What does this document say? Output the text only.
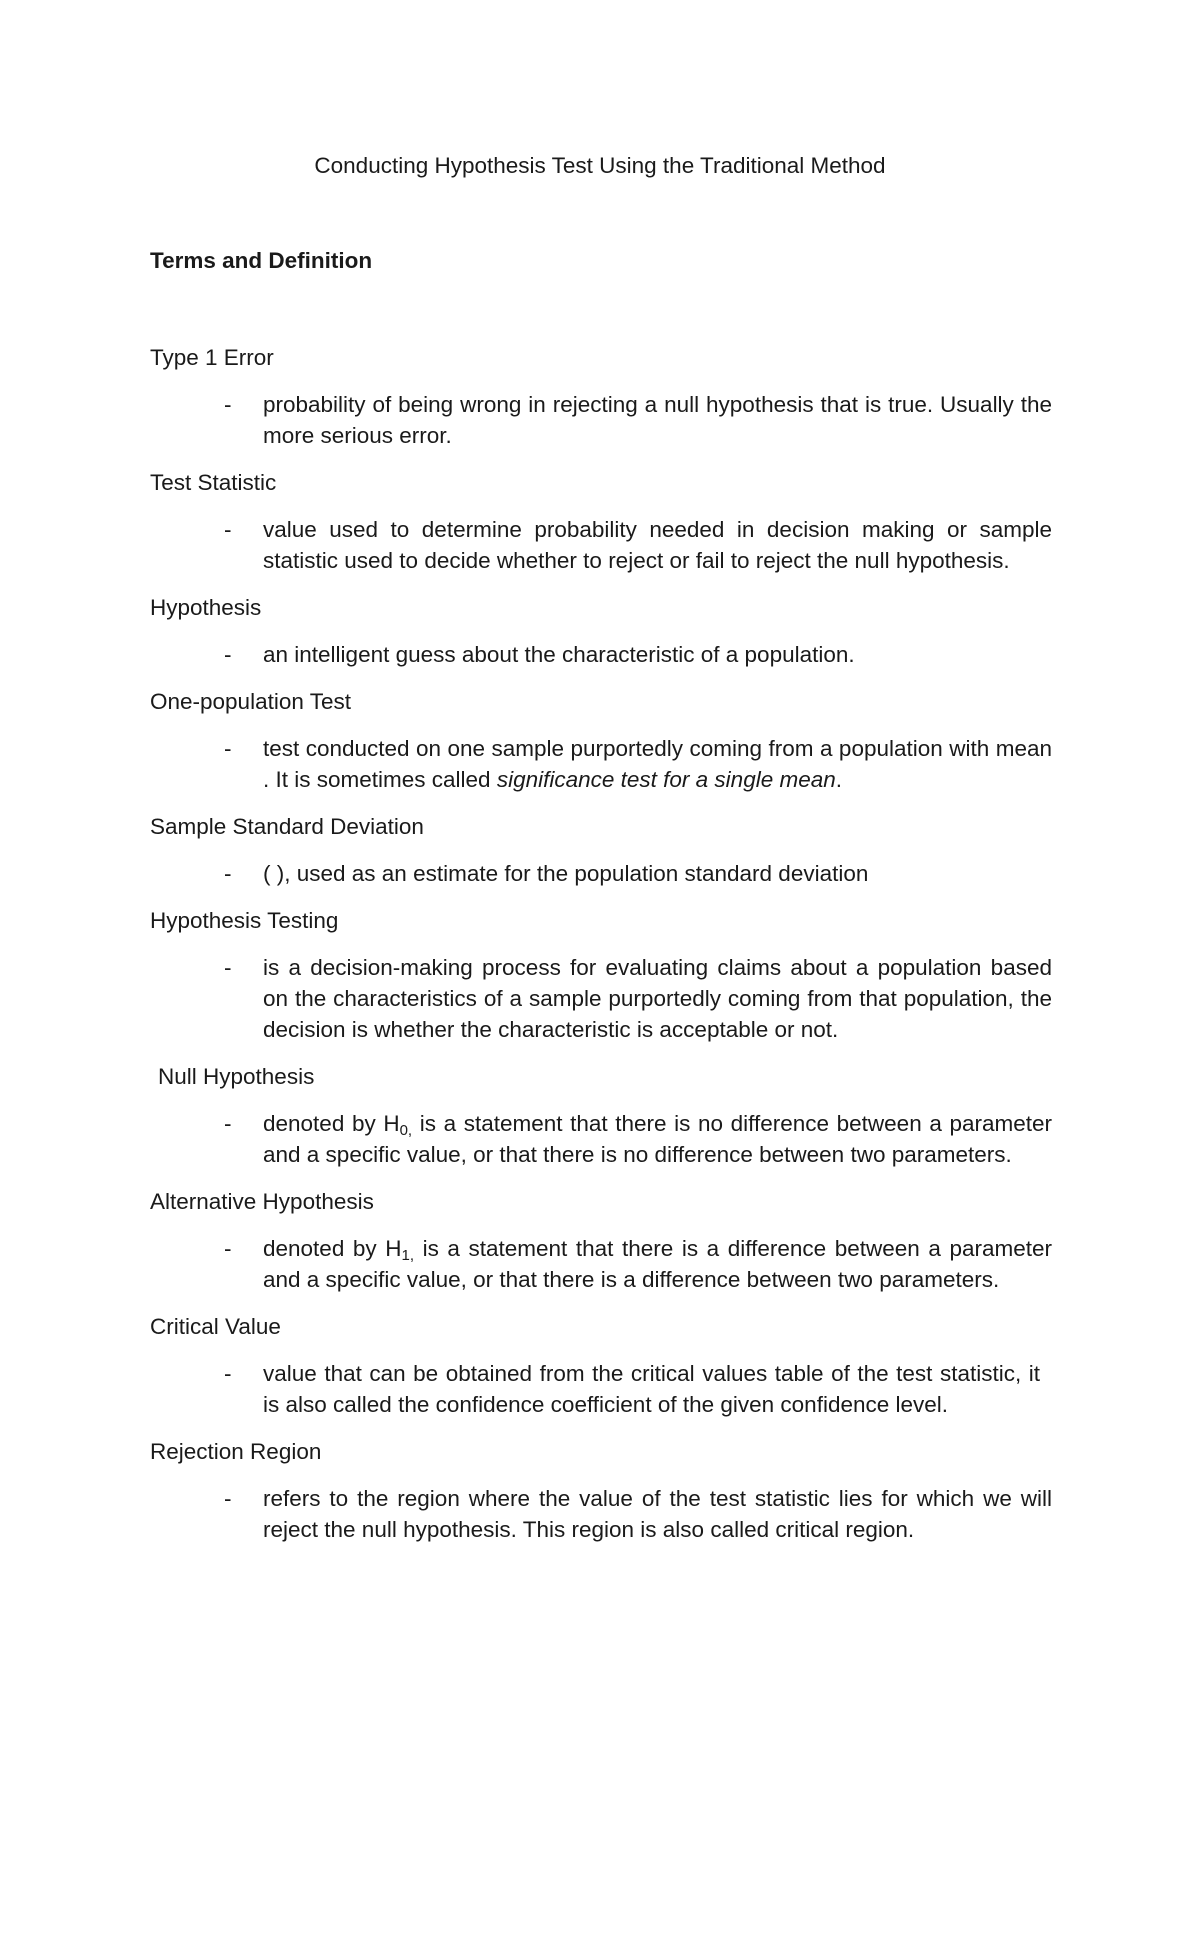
Conducting Hypothesis Test Using the Traditional Method
Terms and Definition
Type 1 Error
- probability of being wrong in rejecting a null hypothesis that is true. Usually the more serious error.
Test Statistic
- value used to determine probability needed in decision making or sample statistic used to decide whether to reject or fail to reject the null hypothesis.
Hypothesis
- an intelligent guess about the characteristic of a population.
One-population Test
- test conducted on one sample purportedly coming from a population with mean . It is sometimes called significance test for a single mean.
Sample Standard Deviation
- ( ), used as an estimate for the population standard deviation
Hypothesis Testing
- is a decision-making process for evaluating claims about a population based on the characteristics of a sample purportedly coming from that population, the decision is whether the characteristic is acceptable or not.
Null Hypothesis
- denoted by $H_{0,}$ is a statement that there is no difference between a parameter and a specific value, or that there is no difference between two parameters.
Alternative Hypothesis
- denoted by $H_{1,}$ is a statement that there is a difference between a parameter and a specific value, or that there is a difference between two parameters.
Critical Value
- value that can be obtained from the critical values table of the test statistic, it is also called the confidence coefficient of the given confidence level.
Rejection Region
- refers to the region where the value of the test statistic lies for which we will reject the null hypothesis. This region is also called critical region.
